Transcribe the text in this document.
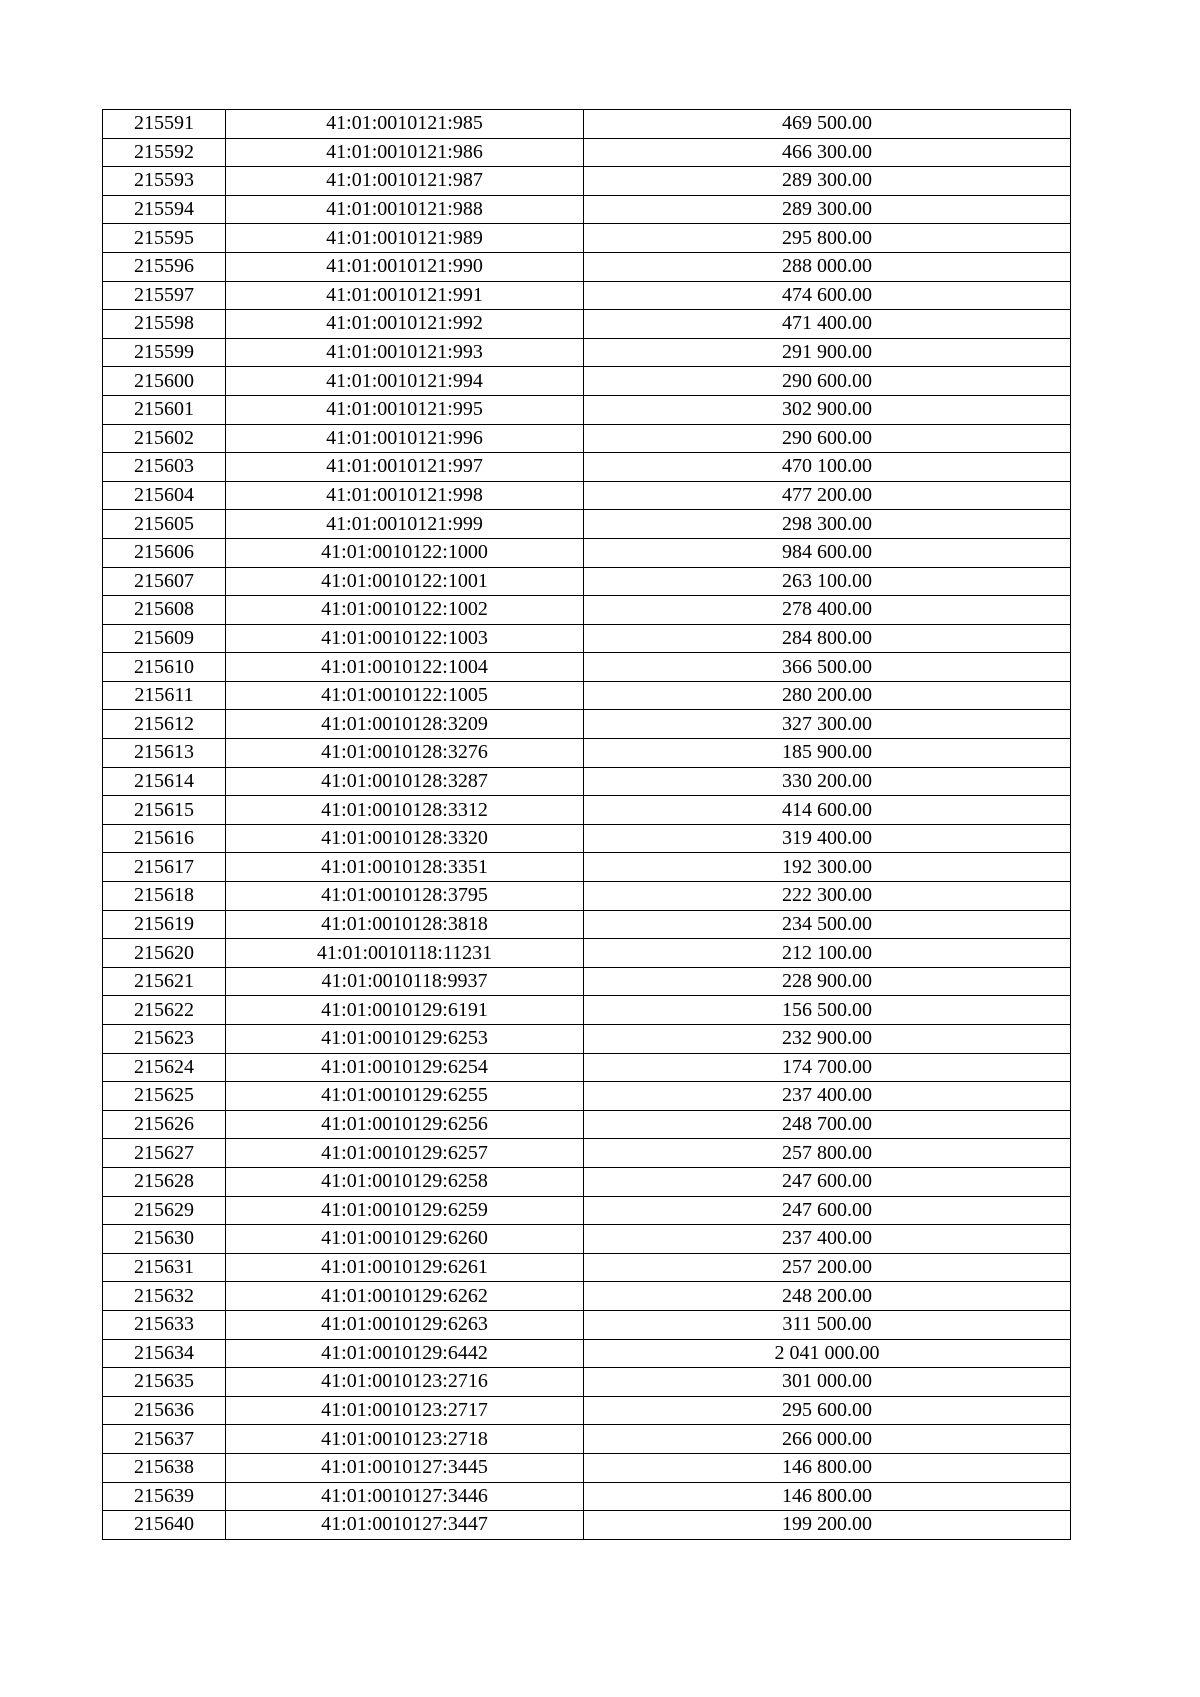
215591	41:01:0010121:985	469 500.00
215592	41:01:0010121:986	466 300.00
215593	41:01:0010121:987	289 300.00
215594	41:01:0010121:988	289 300.00
215595	41:01:0010121:989	295 800.00
215596	41:01:0010121:990	288 000.00
215597	41:01:0010121:991	474 600.00
215598	41:01:0010121:992	471 400.00
215599	41:01:0010121:993	291 900.00
215600	41:01:0010121:994	290 600.00
215601	41:01:0010121:995	302 900.00
215602	41:01:0010121:996	290 600.00
215603	41:01:0010121:997	470 100.00
215604	41:01:0010121:998	477 200.00
215605	41:01:0010121:999	298 300.00
215606	41:01:0010122:1000	984 600.00
215607	41:01:0010122:1001	263 100.00
215608	41:01:0010122:1002	278 400.00
215609	41:01:0010122:1003	284 800.00
215610	41:01:0010122:1004	366 500.00
215611	41:01:0010122:1005	280 200.00
215612	41:01:0010128:3209	327 300.00
215613	41:01:0010128:3276	185 900.00
215614	41:01:0010128:3287	330 200.00
215615	41:01:0010128:3312	414 600.00
215616	41:01:0010128:3320	319 400.00
215617	41:01:0010128:3351	192 300.00
215618	41:01:0010128:3795	222 300.00
215619	41:01:0010128:3818	234 500.00
215620	41:01:0010118:11231	212 100.00
215621	41:01:0010118:9937	228 900.00
215622	41:01:0010129:6191	156 500.00
215623	41:01:0010129:6253	232 900.00
215624	41:01:0010129:6254	174 700.00
215625	41:01:0010129:6255	237 400.00
215626	41:01:0010129:6256	248 700.00
215627	41:01:0010129:6257	257 800.00
215628	41:01:0010129:6258	247 600.00
215629	41:01:0010129:6259	247 600.00
215630	41:01:0010129:6260	237 400.00
215631	41:01:0010129:6261	257 200.00
215632	41:01:0010129:6262	248 200.00
215633	41:01:0010129:6263	311 500.00
215634	41:01:0010129:6442	2 041 000.00
215635	41:01:0010123:2716	301 000.00
215636	41:01:0010123:2717	295 600.00
215637	41:01:0010123:2718	266 000.00
215638	41:01:0010127:3445	146 800.00
215639	41:01:0010127:3446	146 800.00
215640	41:01:0010127:3447	199 200.00
